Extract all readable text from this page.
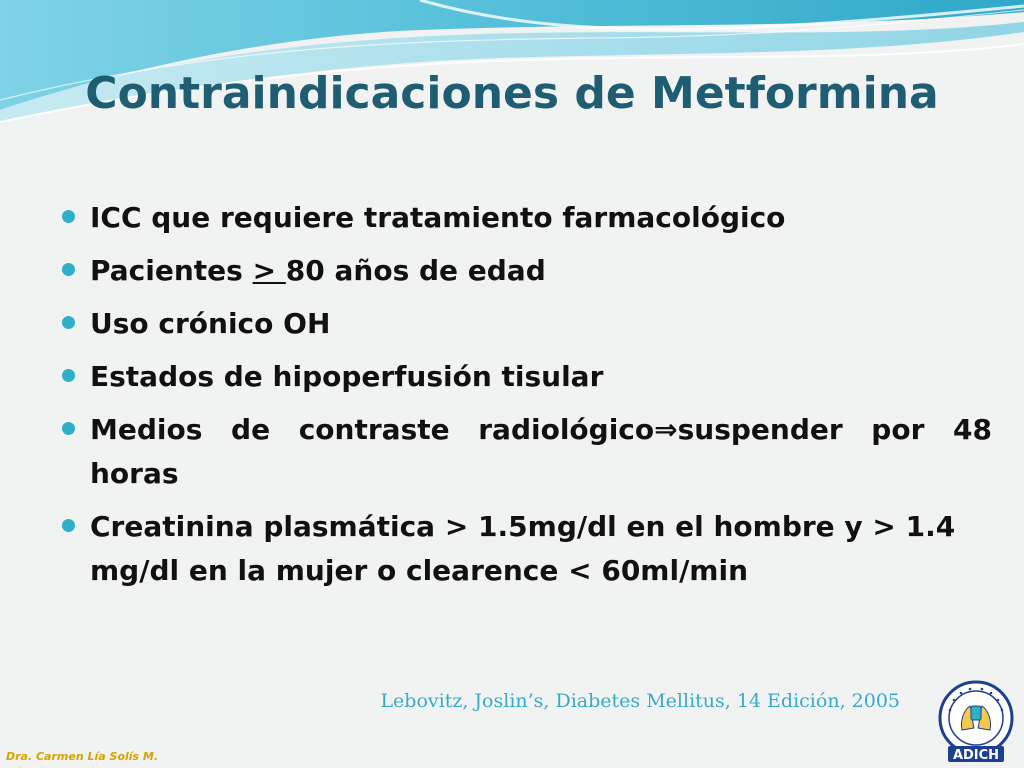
Contraindicaciones de Metformina
ICC que requiere tratamiento farmacológico
Pacientes > 80 años de edad
Uso crónico OH
Estados de hipoperfusión tisular
Medios de contraste radiológico⇒suspender por 48 horas
Creatinina plasmática > 1.5mg/dl en el hombre y > 1.4 mg/dl en la mujer o clearence < 60ml/min
Lebovitz, Joslin’s, Diabetes Mellitus, 14 Edición, 2005
Dra. Carmen Lía Solís M.	ADICH
